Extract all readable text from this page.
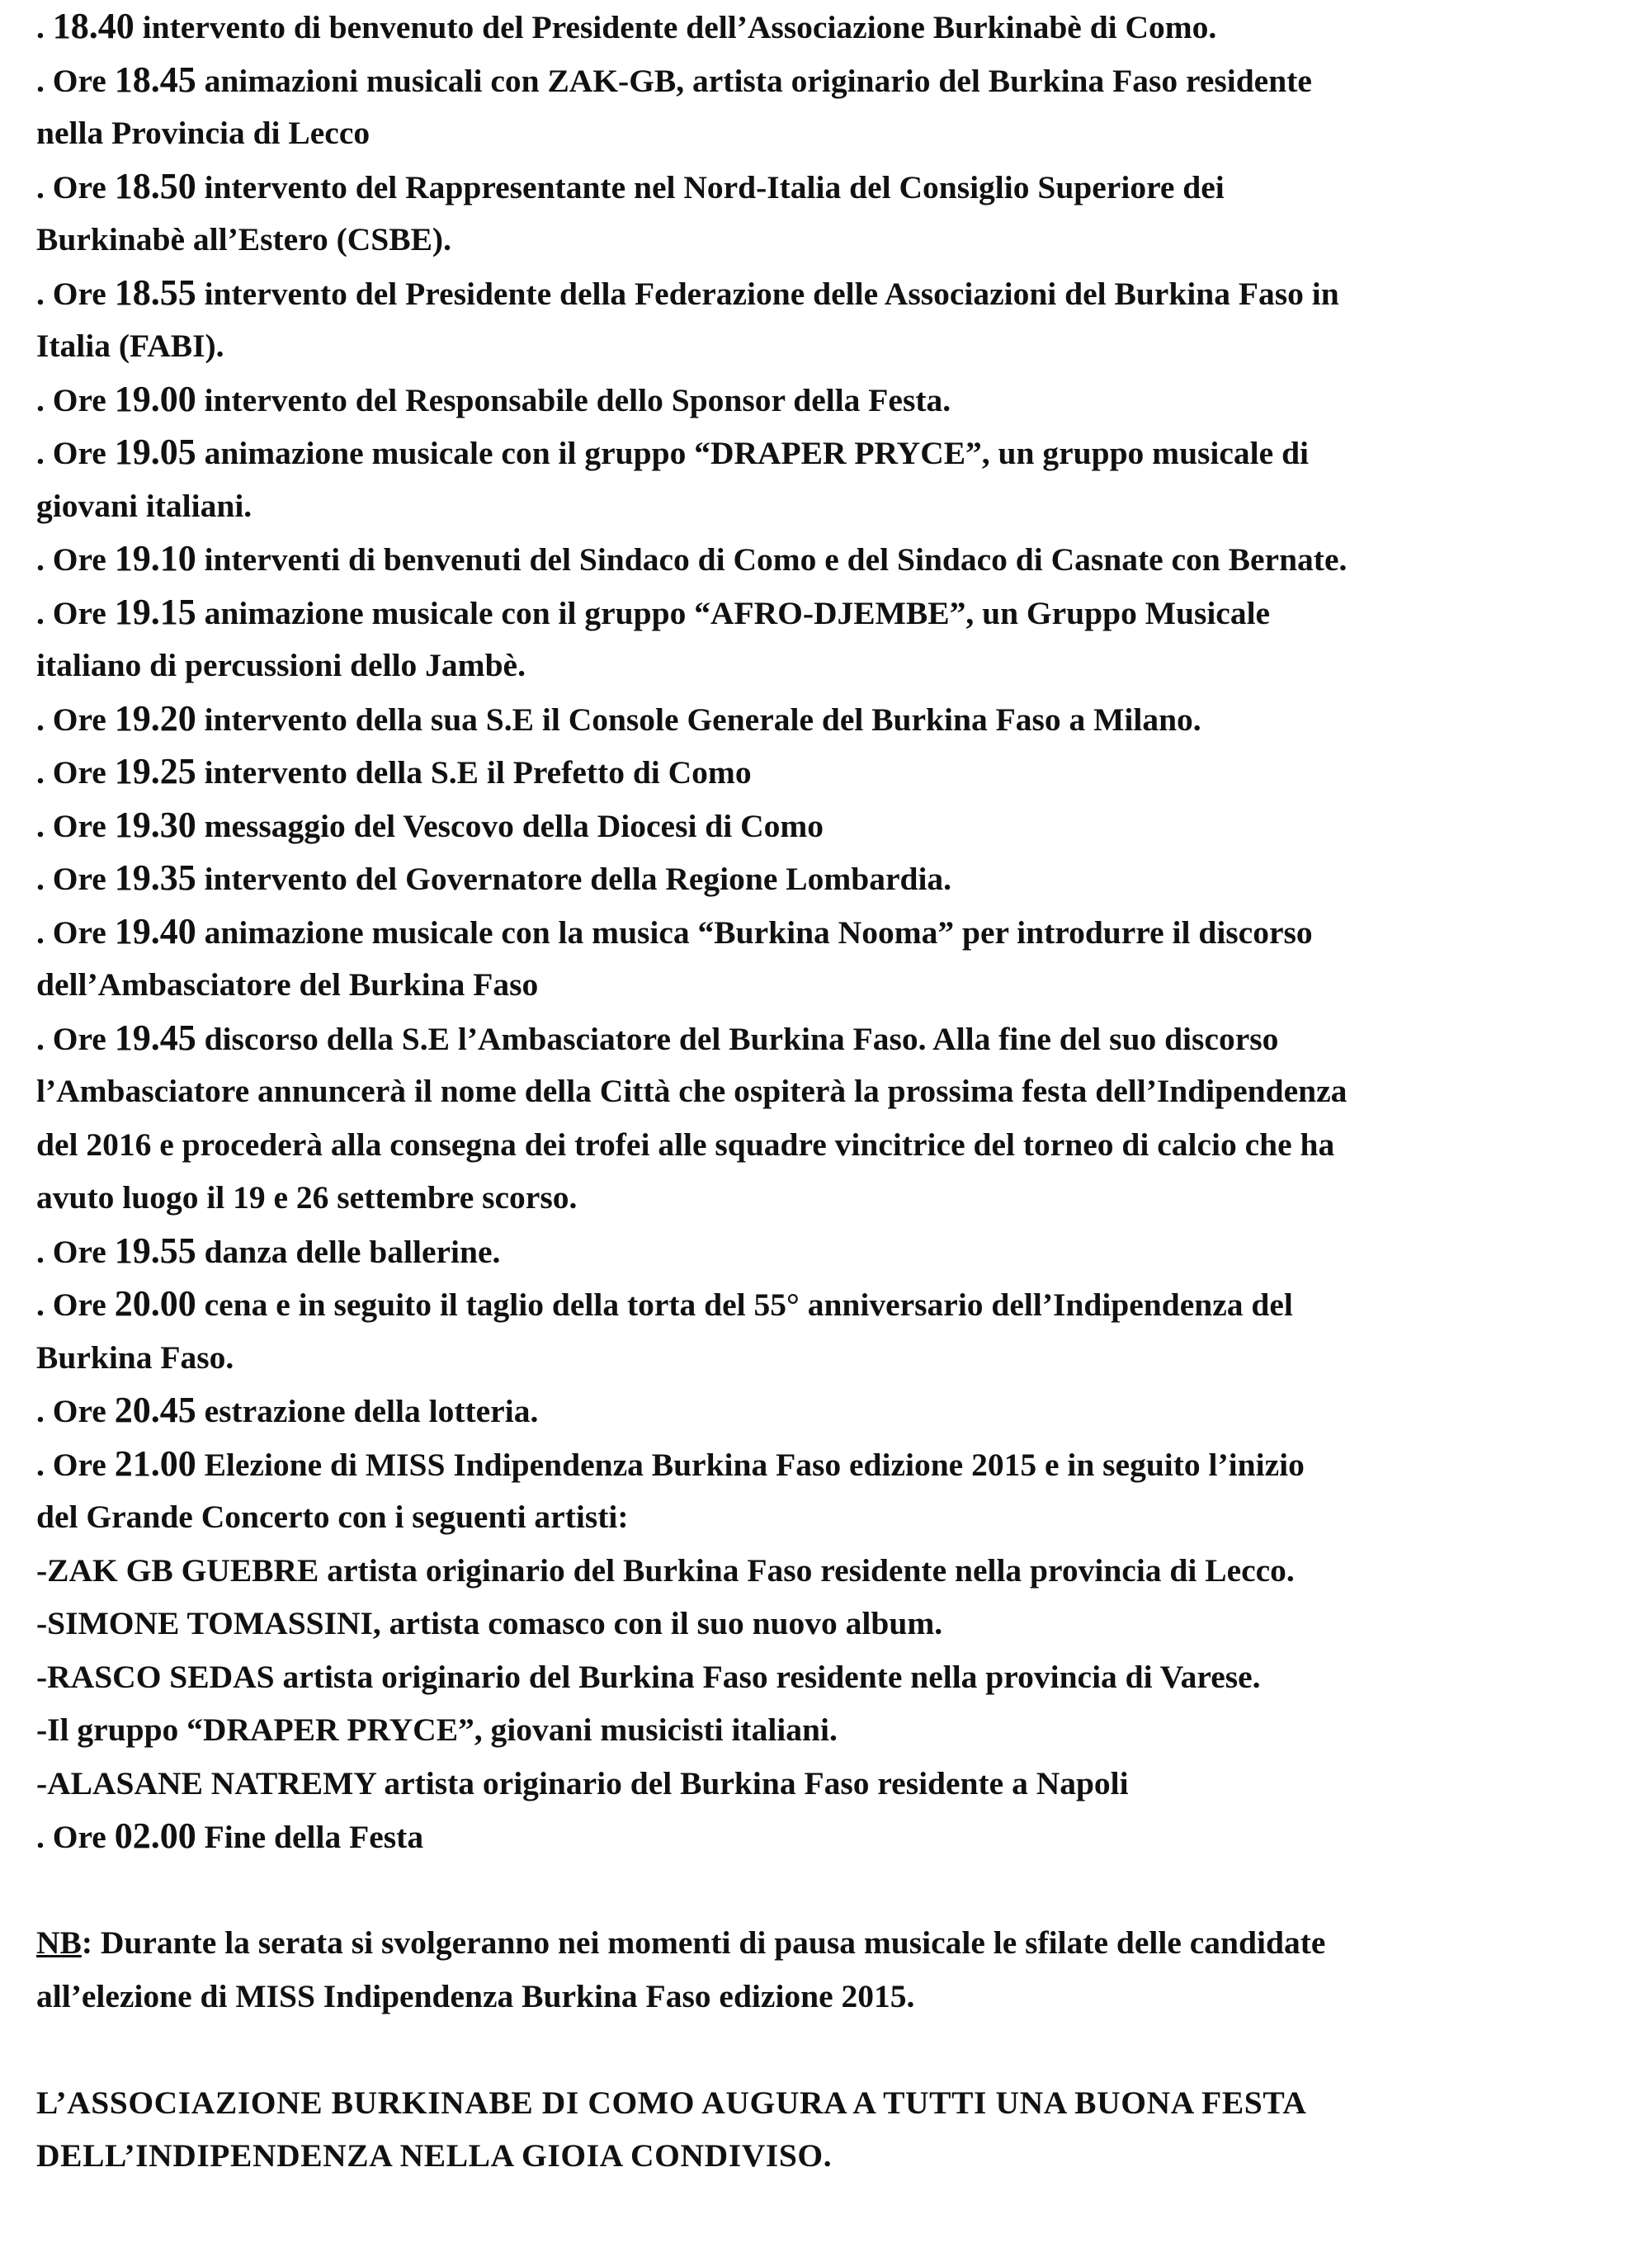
. 18.40 intervento di benvenuto del Presidente dell’Associazione Burkinabè di Como.
. Ore 18.45 animazioni musicali con ZAK-GB, artista originario del Burkina Faso residente
nella Provincia di Lecco
. Ore 18.50 intervento del Rappresentante nel Nord-Italia del Consiglio Superiore dei
Burkinabè all’Estero (CSBE).
. Ore 18.55 intervento del Presidente della Federazione delle Associazioni del Burkina Faso in
Italia (FABI).
. Ore 19.00 intervento del Responsabile dello Sponsor della Festa.
. Ore 19.05 animazione musicale con il gruppo “DRAPER PRYCE”, un gruppo musicale di
giovani italiani.
. Ore 19.10 interventi di benvenuti del Sindaco di Como e del Sindaco di Casnate con Bernate.
. Ore 19.15 animazione musicale con il gruppo “AFRO-DJEMBE”, un Gruppo Musicale
italiano di percussioni dello Jambè.
. Ore 19.20 intervento della sua S.E il Console Generale del Burkina Faso a Milano.
. Ore 19.25 intervento della S.E il Prefetto di Como
. Ore 19.30 messaggio del Vescovo della Diocesi di Como
. Ore 19.35 intervento del Governatore della Regione Lombardia.
. Ore 19.40 animazione musicale con la musica “Burkina Nooma” per introdurre il discorso
dell’Ambasciatore del Burkina Faso
. Ore 19.45 discorso della S.E l’Ambasciatore del Burkina Faso. Alla fine del suo discorso
l’Ambasciatore annuncerà il nome della Città che ospiterà la prossima festa dell’Indipendenza
del 2016 e procederà alla consegna dei trofei alle squadre vincitrice del torneo di calcio che ha
avuto luogo il 19 e 26 settembre scorso.
. Ore 19.55 danza delle ballerine.
. Ore 20.00 cena e in seguito il taglio della torta del 55° anniversario dell’Indipendenza del
Burkina Faso.
. Ore 20.45 estrazione della lotteria.
. Ore 21.00 Elezione di MISS Indipendenza Burkina Faso edizione 2015 e in seguito l’inizio
del Grande Concerto con i seguenti artisti:
-ZAK GB GUEBRE artista originario del Burkina Faso residente nella provincia di Lecco.
-SIMONE TOMASSINI, artista comasco con il suo nuovo album.
-RASCO SEDAS artista originario del Burkina Faso residente nella provincia di Varese.
-Il gruppo “DRAPER PRYCE”, giovani musicisti italiani.
-ALASANE NATREMY artista originario del Burkina Faso residente a Napoli
. Ore 02.00 Fine della Festa
NB: Durante la serata si svolgeranno nei momenti di pausa musicale le sfilate delle candidate
all’elezione di MISS Indipendenza Burkina Faso edizione 2015.
L’ASSOCIAZIONE BURKINABE DI COMO AUGURA A TUTTI UNA BUONA FESTA
DELL’INDIPENDENZA NELLA GIOIA CONDIVISO.
